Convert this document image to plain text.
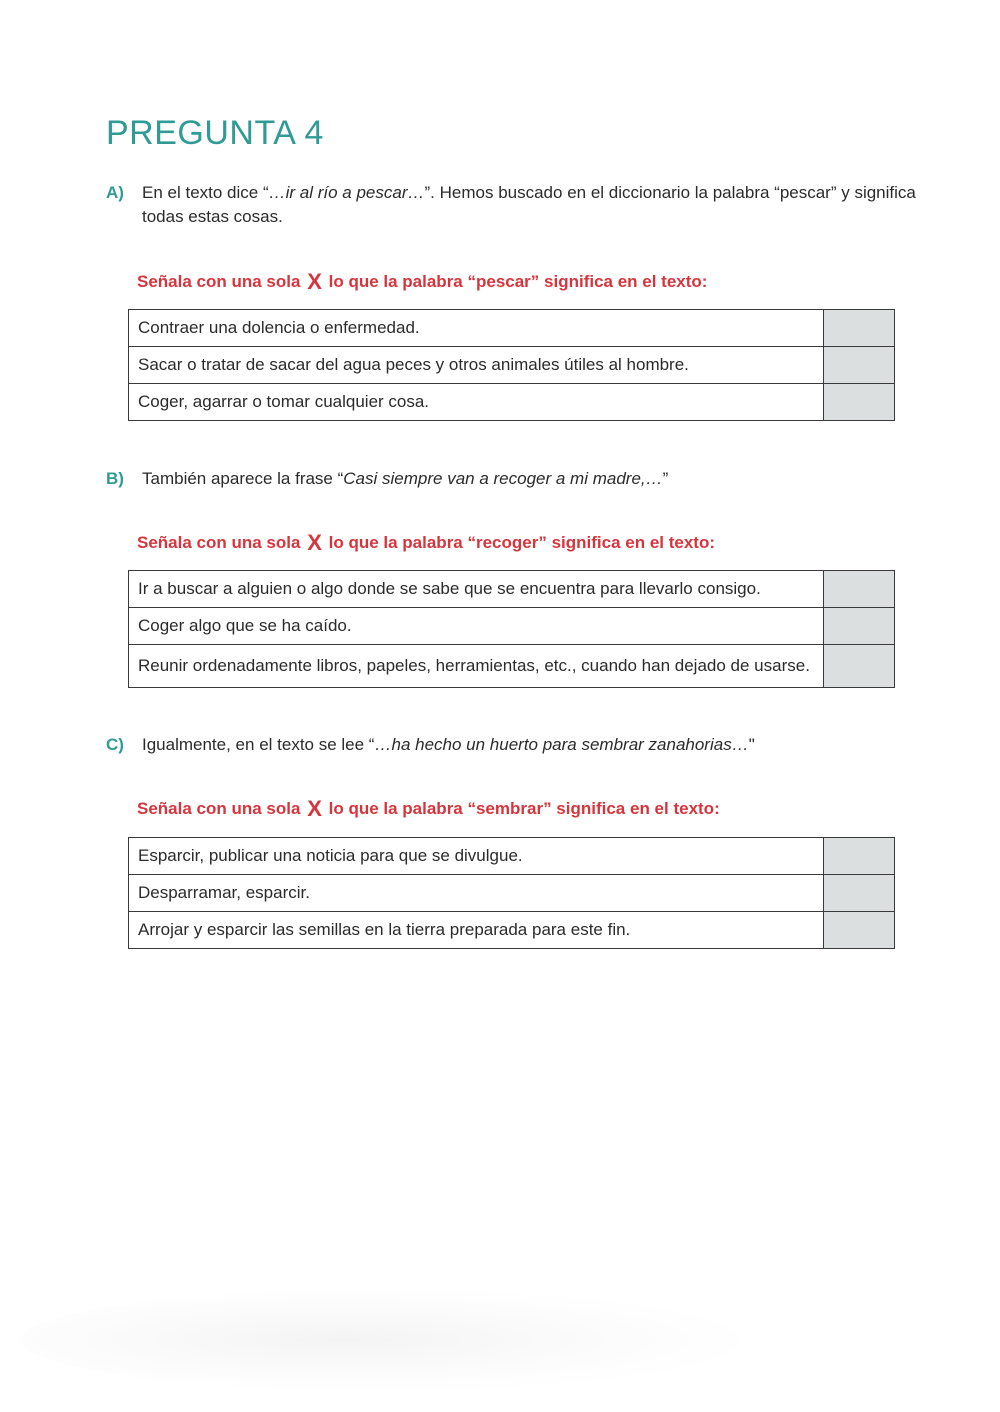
PREGUNTA 4
A) En el texto dice “…ir al río a pescar…”. Hemos buscado en el diccionario la palabra “pescar” y significa todas estas cosas.
Señala con una sola X lo que la palabra “pescar” significa en el texto:
Contraer una dolencia o enfermedad.	
Sacar o tratar de sacar del agua peces y otros animales útiles al hombre.	
Coger, agarrar o tomar cualquier cosa.	
B) También aparece la frase “Casi siempre van a recoger a mi madre,…”
Señala con una sola X lo que la palabra “recoger” significa en el texto:
Ir a buscar a alguien o algo donde se sabe que se encuentra para llevarlo consigo.	
Coger algo que se ha caído.	
Reunir ordenadamente libros, papeles, herramientas, etc., cuando han dejado de usarse.	
C) Igualmente, en el texto se lee “…ha hecho un huerto para sembrar zanahorias…"
Señala con una sola X lo que la palabra “sembrar” significa en el texto:
Esparcir, publicar una noticia para que se divulgue.	
Desparramar, esparcir.	
Arrojar y esparcir las semillas en la tierra preparada para este fin.	
